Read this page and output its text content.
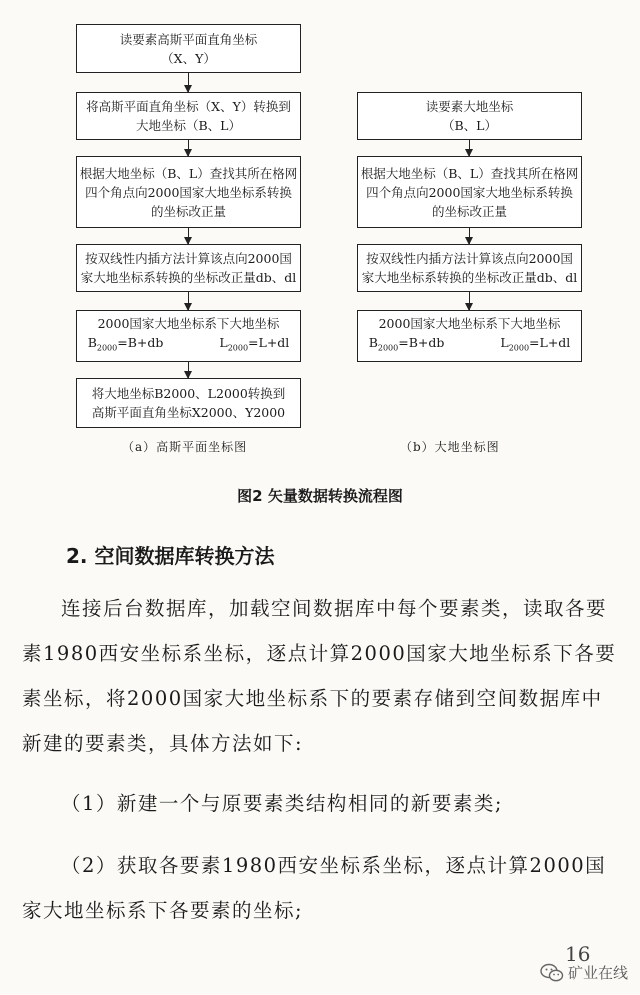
读要素高斯平面直角坐标
（X、Y）
将高斯平面直角坐标（X、Y）转换到
大地坐标（B、L）
根据大地坐标（B、L）查找其所在格网
四个角点向2000国家大地坐标系转换
的坐标改正量
按双线性内插方法计算该点向2000国
家大地坐标系转换的坐标改正量db、dl
2000国家大地坐标系下大地坐标
$B_{2000}=B+db$	$L_{2000}=L+dl$
将大地坐标B2000、L2000转换到
高斯平面直角坐标X2000、Y2000
读要素大地坐标
（B、L）
根据大地坐标（B、L）查找其所在格网
四个角点向2000国家大地坐标系转换
的坐标改正量
按双线性内插方法计算该点向2000国
家大地坐标系转换的坐标改正量db、dl
2000国家大地坐标系下大地坐标
$B_{2000}=B+db$	$L_{2000}=L+dl$
（a）高斯平面坐标图	（b）大地坐标图
图2 矢量数据转换流程图
2. 空间数据库转换方法

连接后台数据库，加载空间数据库中每个要素类，读取各要素1980西安坐标系坐标，逐点计算2000国家大地坐标系下各要素坐标，将2000国家大地坐标系下的要素存储到空间数据库中新建的要素类，具体方法如下:

（1）新建一个与原要素类结构相同的新要素类;

（2）获取各要素1980西安坐标系坐标，逐点计算2000国家大地坐标系下各要素的坐标;

16
矿业在线
